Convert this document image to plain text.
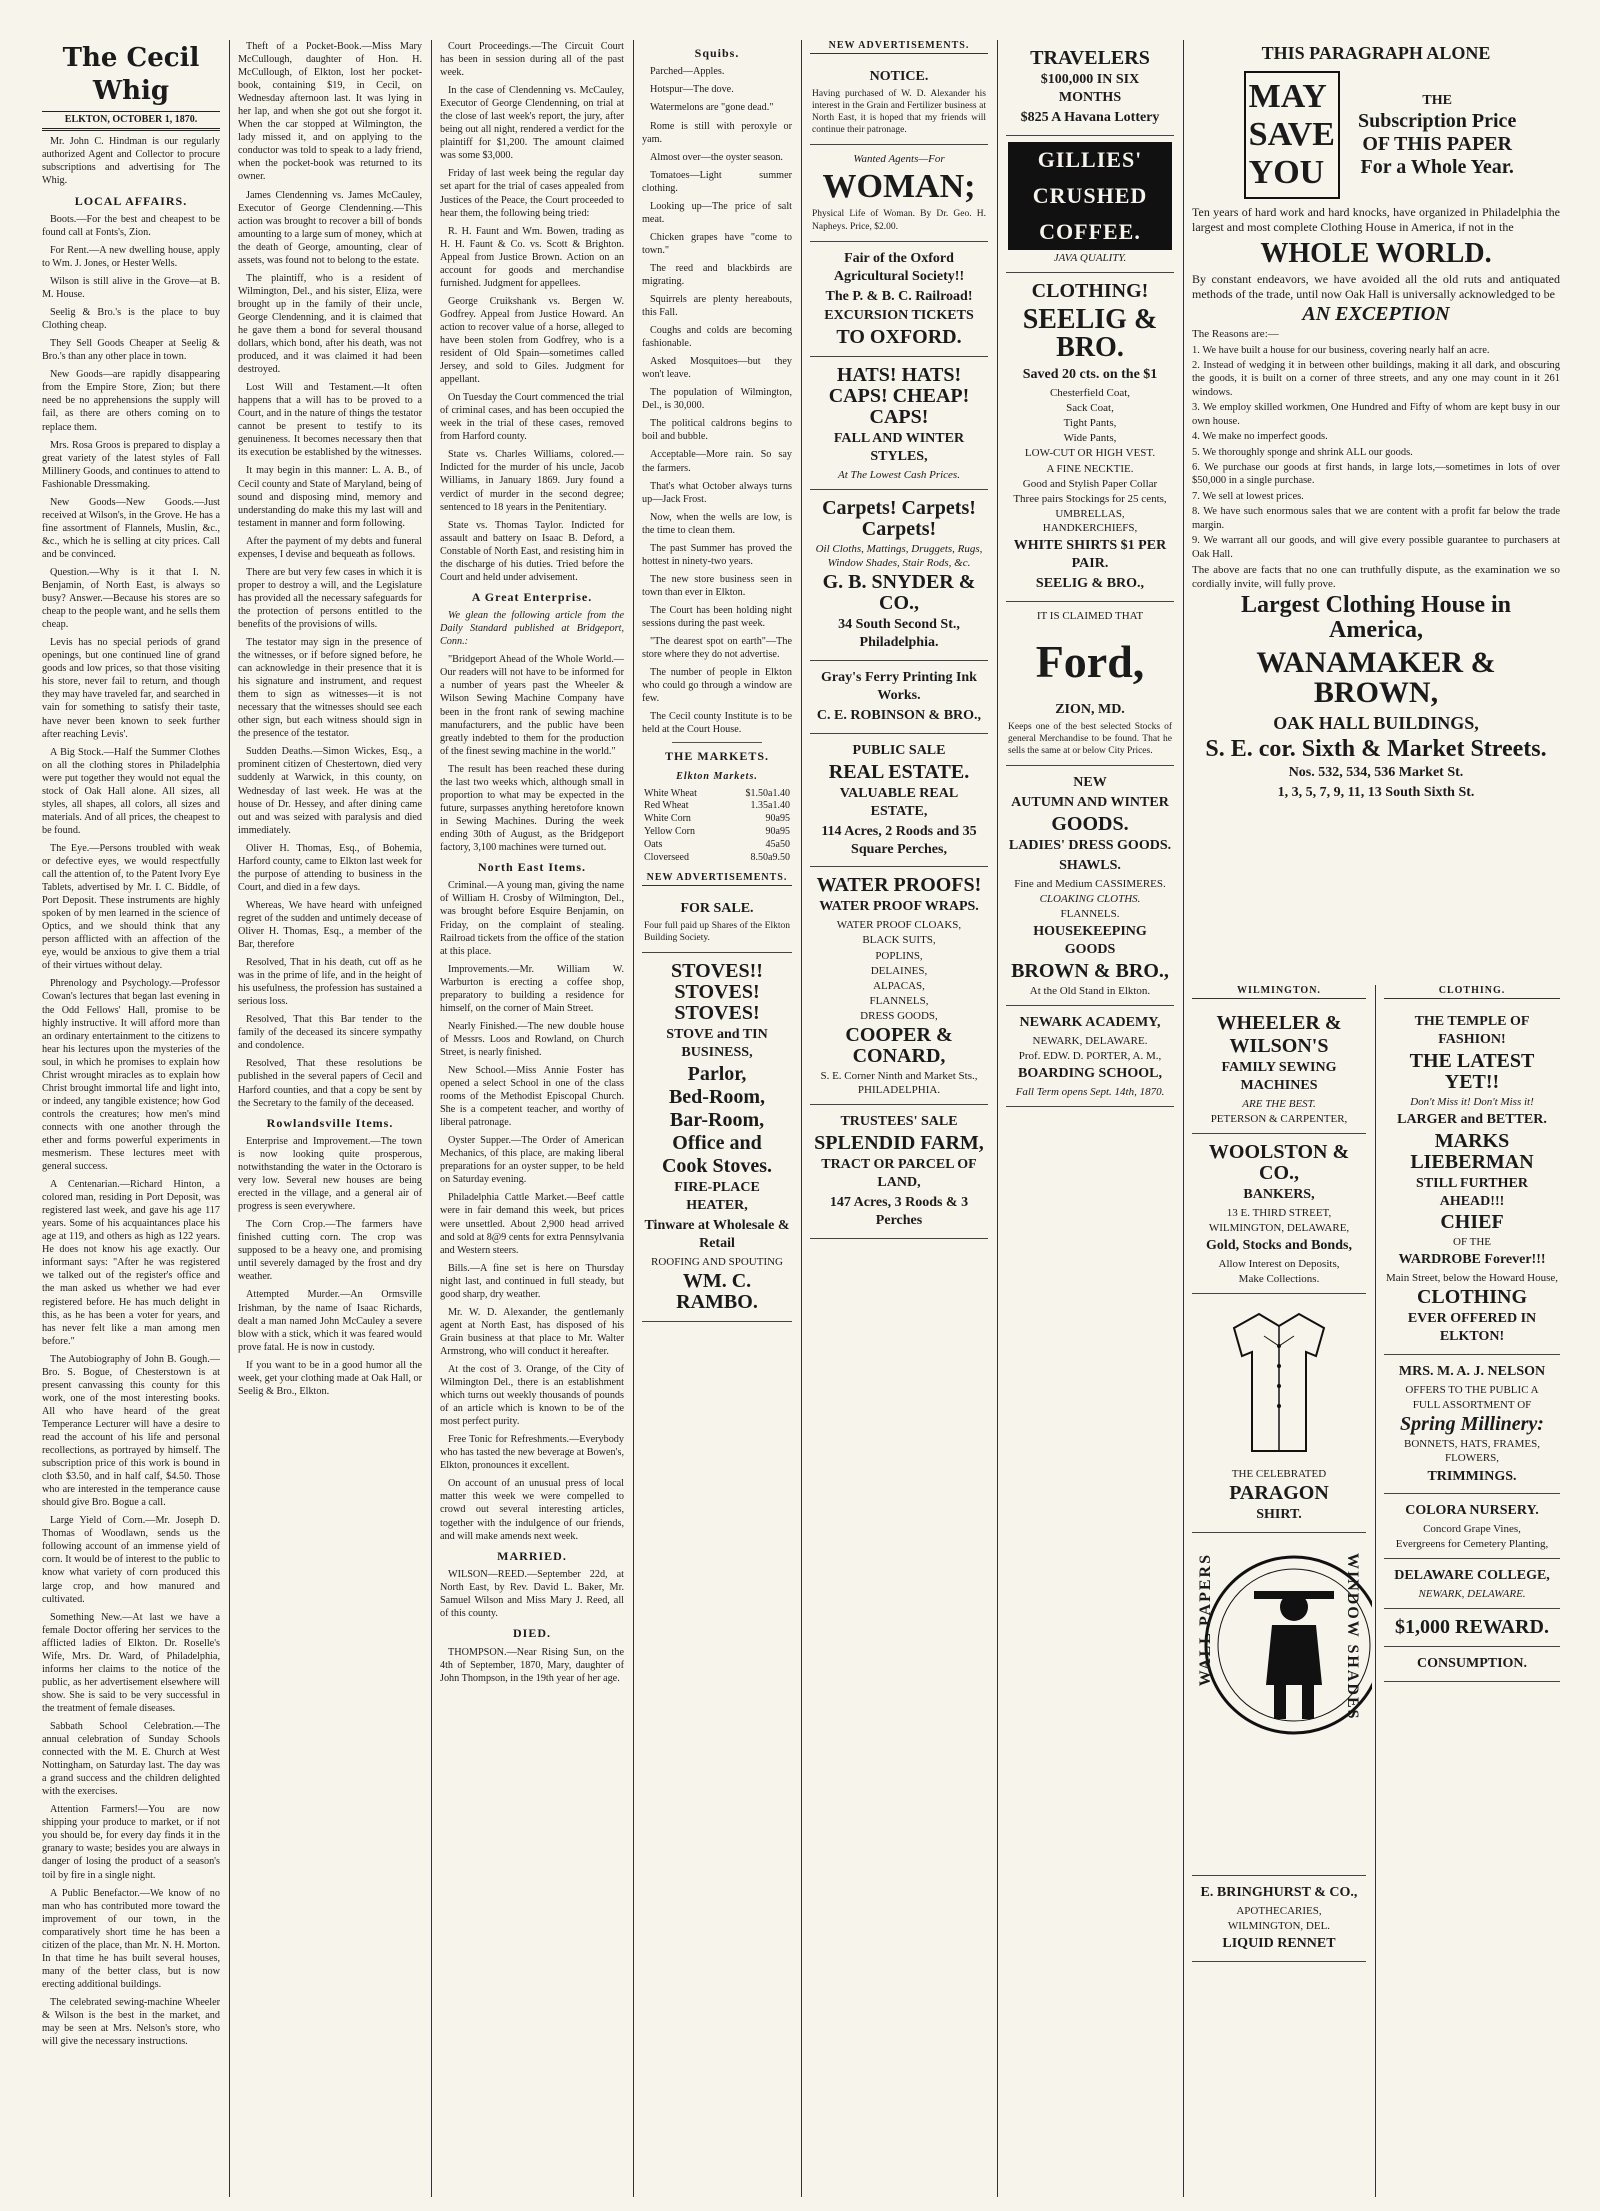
The Cecil Whig
ELKTON, OCTOBER 1, 1870.

Mr. John C. Hindman is our regularly authorized Agent and Collector to procure subscriptions and advertising for The Whig.

LOCAL AFFAIRS.

Boots.—For the best and cheapest to be found call at Fonts's, Zion.

For Rent.—A new dwelling house, apply to Wm. J. Jones, or Hester Wells.

Wilson is still alive in the Grove—at B. M. House.

Seelig & Bro.'s is the place to buy Clothing cheap.

They Sell Goods Cheaper at Seelig & Bro.'s than any other place in town.

New Goods—are rapidly disappearing from the Empire Store, Zion; but there need be no apprehensions the supply will fail, as there are others coming on to replace them.

Mrs. Rosa Groos is prepared to display a great variety of the latest styles of Fall Millinery Goods, and continues to attend to Fashionable Dressmaking.

New Goods—New Goods.—Just received at Wilson's, in the Grove. He has a fine assortment of Flannels, Muslin, &c., &c., which he is selling at city prices. Call and be convinced.

Question.—Why is it that I. N. Benjamin, of North East, is always so busy? Answer.—Because his stores are so cheap to the people want, and he sells them cheap.

Levis has no special periods of grand openings, but one continued line of grand goods and low prices, so that those visiting his store, never fail to return, and though they may have traveled far, and searched in vain for something to satisfy their taste, have never been known to seek further after reaching Levis'.

A Big Stock.—Half the Summer Clothes on all the clothing stores in Philadelphia were put together they would not equal the stock of Oak Hall alone. All sizes, all styles, all shapes, all colors, all sizes and materials. And of all prices, the cheapest to be found.

The Eye.—Persons troubled with weak or defective eyes, we would respectfully call the attention of, to the Patent Ivory Eye Tablets, advertised by Mr. I. C. Biddle, of Port Deposit. These instruments are highly spoken of by men learned in the science of Optics, and we should think that any person afflicted with an affection of the eye, would be anxious to give them a trial of their virtues without delay.

Phrenology and Psychology.—Professor Cowan's lectures that began last evening in the Odd Fellows' Hall, promise to be highly instructive. It will afford more than an ordinary entertainment to the citizens to hear his lectures upon the mysteries of the soul, in which he promises to explain how Christ wrought miracles as to explain how Christ brought immortal life and light into, or indeed, any tangible existence; how God controls the creatures; how men's mind connects with one another through the ether and forms powerful experiments in mesmerism. These lectures meet with general success.

A Centenarian.—Richard Hinton, a colored man, residing in Port Deposit, was registered last week, and gave his age 117 years. Some of his acquaintances place his age at 119, and others as high as 122 years. He does not know his age exactly. Our informant says: "After he was registered we talked out of the register's office and the man asked us whether we had ever registered before. He has much delight in this, as he has been a voter for years, and has never felt like a man among men before."

The Autobiography of John B. Gough.—Bro. S. Bogue, of Chesterstown is at present canvassing this county for this work, one of the most interesting books. All who have heard of the great Temperance Lecturer will have a desire to read the account of his life and personal recollections, as portrayed by himself. The subscription price of this work is bound in cloth $3.50, and in half calf, $4.50. Those who are interested in the temperance cause should give Bro. Bogue a call.

Large Yield of Corn.—Mr. Joseph D. Thomas of Woodlawn, sends us the following account of an immense yield of corn. It would be of interest to the public to know what variety of corn produced this large crop, and how manured and cultivated.

Something New.—At last we have a female Doctor offering her services to the afflicted ladies of Elkton. Dr. Roselle's Wife, Mrs. Dr. Ward, of Philadelphia, informs her claims to the notice of the public, as her advertisement elsewhere will show. She is said to be very successful in the treatment of female diseases.

Sabbath School Celebration.—The annual celebration of Sunday Schools connected with the M. E. Church at West Nottingham, on Saturday last. The day was a grand success and the children delighted with the exercises.

Attention Farmers!—You are now shipping your produce to market, or if not you should be, for every day finds it in the granary to waste; besides you are always in danger of losing the product of a season's toil by fire in a single night.

A Public Benefactor.—We know of no man who has contributed more toward the improvement of our town, in the comparatively short time he has been a citizen of the place, than Mr. N. H. Morton. In that time he has built several houses, many of the better class, but is now erecting additional buildings.

The celebrated sewing-machine Wheeler & Wilson is the best in the market, and may be seen at Mrs. Nelson's store, who will give the necessary instructions.

Theft of a Pocket-Book.—Miss Mary McCullough, daughter of Hon. H. McCullough, of Elkton, lost her pocket-book, containing $19, in Cecil, on Wednesday afternoon last. It was lying in her lap, and when she got out she forgot it. When the car stopped at Wilmington, the lady missed it, and on applying to the conductor was told to speak to a lady friend, when the pocket-book was returned to its owner.

James Clendenning vs. James McCauley, Executor of George Clendenning.—This action was brought to recover a bill of bonds amounting to a large sum of money, which at the death of George, amounting, clear of assets, was found not to belong to the estate.

The plaintiff, who is a resident of Wilmington, Del., and his sister, Eliza, were brought up in the family of their uncle, George Clendenning, and it is claimed that he gave them a bond for several thousand dollars, which bond, after his death, was not produced, and it was claimed it had been destroyed.

Lost Will and Testament.—It often happens that a will has to be proved to a Court, and in the nature of things the testator cannot be present to testify to its genuineness. It becomes necessary then that its execution be established by the witnesses.

It may begin in this manner: L. A. B., of Cecil county and State of Maryland, being of sound and disposing mind, memory and understanding do make this my last will and testament in manner and form following.

After the payment of my debts and funeral expenses, I devise and bequeath as follows.

There are but very few cases in which it is proper to destroy a will, and the Legislature has provided all the necessary safeguards for the protection of persons entitled to the benefits of the provisions of wills.

The testator may sign in the presence of the witnesses, or if before signed before, he can acknowledge in their presence that it is his signature and instrument, and request them to sign as witnesses—it is not necessary that the witnesses should see each other sign, but each witness should sign in the presence of the testator.

Sudden Deaths.—Simon Wickes, Esq., a prominent citizen of Chestertown, died very suddenly at Warwick, in this county, on Wednesday of last week. He was at the house of Dr. Hessey, and after dining came out and was seized with paralysis and died immediately.

Oliver H. Thomas, Esq., of Bohemia, Harford county, came to Elkton last week for the purpose of attending to business in the Court, and died in a few days.

Whereas, We have heard with unfeigned regret of the sudden and untimely decease of Oliver H. Thomas, Esq., a member of the Bar, therefore

Resolved, That in his death, cut off as he was in the prime of life, and in the height of his usefulness, the profession has sustained a serious loss.

Resolved, That this Bar tender to the family of the deceased its sincere sympathy and condolence.

Resolved, That these resolutions be published in the several papers of Cecil and Harford counties, and that a copy be sent by the Secretary to the family of the deceased.

Rowlandsville Items.

Enterprise and Improvement.—The town is now looking quite prosperous, notwithstanding the water in the Octoraro is very low. Several new houses are being erected in the village, and a general air of progress is seen everywhere.

The Corn Crop.—The farmers have finished cutting corn. The crop was supposed to be a heavy one, and promising until severely damaged by the frost and dry weather.

Attempted Murder.—An Ormsville Irishman, by the name of Isaac Richards, dealt a man named John McCauley a severe blow with a stick, which it was feared would prove fatal. He is now in custody.

If you want to be in a good humor all the week, get your clothing made at Oak Hall, or Seelig & Bro., Elkton.

Court Proceedings.—The Circuit Court has been in session during all of the past week.

In the case of Clendenning vs. McCauley, Executor of George Clendenning, on trial at the close of last week's report, the jury, after being out all night, rendered a verdict for the plaintiff for $1,200. The amount claimed was some $3,000.

Friday of last week being the regular day set apart for the trial of cases appealed from Justices of the Peace, the Court proceeded to hear them, the following being tried:

R. H. Faunt and Wm. Bowen, trading as H. H. Faunt & Co. vs. Scott & Brighton. Appeal from Justice Brown. Action on an account for goods and merchandise furnished. Judgment for appellees.

George Cruikshank vs. Bergen W. Godfrey. Appeal from Justice Howard. An action to recover value of a horse, alleged to have been stolen from Godfrey, who is a resident of Old Spain—sometimes called Jersey, and sold to Giles. Judgment for appellant.

On Tuesday the Court commenced the trial of criminal cases, and has been occupied the week in the trial of these cases, removed from Harford county.

State vs. Charles Williams, colored.—Indicted for the murder of his uncle, Jacob Williams, in January 1869. Jury found a verdict of murder in the second degree; sentenced to 18 years in the Penitentiary.

State vs. Thomas Taylor. Indicted for assault and battery on Isaac B. Deford, a Constable of North East, and resisting him in the discharge of his duties. Tried before the Court and held under advisement.

A Great Enterprise.

We glean the following article from the Daily Standard published at Bridgeport, Conn.:

"Bridgeport Ahead of the Whole World.—Our readers will not have to be informed for a number of years past the Wheeler & Wilson Sewing Machine Company have been in the front rank of sewing machine manufacturers, and the public have been greatly indebted to them for the production of the finest sewing machine in the world."

The result has been reached these during the last two weeks which, although small in proportion to what may be expected in the future, surpasses anything heretofore known in Sewing Machines. During the week ending 30th of August, as the Bridgeport factory, 3,100 machines were turned out.

North East Items.

Criminal.—A young man, giving the name of William H. Crosby of Wilmington, Del., was brought before Esquire Benjamin, on Friday, on the complaint of stealing. Railroad tickets from the office of the station at this place.

Improvements.—Mr. William W. Warburton is erecting a coffee shop, preparatory to building a residence for himself, on the corner of Main Street.

Nearly Finished.—The new double house of Messrs. Loos and Rowland, on Church Street, is nearly finished.

New School.—Miss Annie Foster has opened a select School in one of the class rooms of the Methodist Episcopal Church. She is a competent teacher, and worthy of liberal patronage.

Oyster Supper.—The Order of American Mechanics, of this place, are making liberal preparations for an oyster supper, to be held on Saturday evening.

Philadelphia Cattle Market.—Beef cattle were in fair demand this week, but prices were unsettled. About 2,900 head arrived and sold at 8@9 cents for extra Pennsylvania and Western steers.

Bills.—A fine set is here on Thursday night last, and continued in full steady, but good sharp, dry weather.

Mr. W. D. Alexander, the gentlemanly agent at North East, has disposed of his Grain business at that place to Mr. Walter Armstrong, who will conduct it hereafter.

At the cost of 3. Orange, of the City of Wilmington Del., there is an establishment which turns out weekly thousands of pounds of an article which is known to be of the most perfect purity.

Free Tonic for Refreshments.—Everybody who has tasted the new beverage at Bowen's, Elkton, pronounces it excellent.

On account of an unusual press of local matter this week we were compelled to crowd out several interesting articles, together with the indulgence of our friends, and will make amends next week.

MARRIED.

WILSON—REED.—September 22d, at North East, by Rev. David L. Baker, Mr. Samuel Wilson and Miss Mary J. Reed, all of this county.

DIED.

THOMPSON.—Near Rising Sun, on the 4th of September, 1870, Mary, daughter of John Thompson, in the 19th year of her age.

Squibs.

Parched—Apples.

Hotspur—The dove.

Watermelons are "gone dead."

Rome is still with peroxyle or yam.

Almost over—the oyster season.

Tomatoes—Light summer clothing.

Looking up—The price of salt meat.

Chicken grapes have "come to town."

The reed and blackbirds are migrating.

Squirrels are plenty hereabouts, this Fall.

Coughs and colds are becoming fashionable.

Asked Mosquitoes—but they won't leave.

The population of Wilmington, Del., is 30,000.

The political caldrons begins to boil and bubble.

Acceptable—More rain. So say the farmers.

That's what October always turns up—Jack Frost.

Now, when the wells are low, is the time to clean them.

The past Summer has proved the hottest in ninety-two years.

The new store business seen in town than ever in Elkton.

The Court has been holding night sessions during the past week.

"The dearest spot on earth"—The store where they do not advertise.

The number of people in Elkton who could go through a window are few.

The Cecil county Institute is to be held at the Court House.

THE MARKETS.
Elkton Markets.
White Wheat	$1.50a1.40
Red Wheat	1.35a1.40
White Corn	90a95
Yellow Corn	90a95
Oats	45a50
Cloverseed	8.50a9.50
NEW ADVERTISEMENTS.
FOR SALE.
Four full paid up Shares of the Elkton Building Society.
STOVES!! STOVES! STOVES!
STOVE and TIN BUSINESS,
Parlor,
Bed-Room,
Bar-Room,
Office and
Cook Stoves.
FIRE-PLACE HEATER,
Tinware at Wholesale & Retail
ROOFING AND SPOUTING
WM. C. RAMBO.
NEW ADVERTISEMENTS.
NOTICE.
Having purchased of W. D. Alexander his interest in the Grain and Fertilizer business at North East, it is hoped that my friends will continue their patronage.
Wanted Agents—For
WOMAN;
Physical Life of Woman. By Dr. Geo. H. Napheys. Price, $2.00.
Fair of the Oxford Agricultural Society!!
The P. & B. C. Railroad!
EXCURSION TICKETS
TO OXFORD.
HATS! HATS! CAPS! CHEAP! CAPS!
FALL AND WINTER STYLES,
At The Lowest Cash Prices.
Carpets! Carpets! Carpets!
Oil Cloths, Mattings, Druggets, Rugs, Window Shades, Stair Rods, &c.
G. B. SNYDER & CO.,
34 South Second St., Philadelphia.
Gray's Ferry Printing Ink Works.
C. E. ROBINSON & BRO.,
PUBLIC SALE
REAL ESTATE.
VALUABLE REAL ESTATE,
114 Acres, 2 Roods and 35 Square Perches,
WATER PROOFS!
WATER PROOF WRAPS.
WATER PROOF CLOAKS,
BLACK SUITS,
POPLINS,
DELAINES,
ALPACAS,
FLANNELS,
DRESS GOODS,
COOPER & CONARD,
S. E. Corner Ninth and Market Sts., PHILADELPHIA.
TRUSTEES' SALE
SPLENDID FARM,
TRACT OR PARCEL OF LAND,
147 Acres, 3 Roods & 3 Perches
TRAVELERS
$100,000 IN SIX MONTHS
$825 A Havana Lottery
GILLIES'
CRUSHED
COFFEE.
JAVA QUALITY.
CLOTHING!
SEELIG & BRO.
Saved 20 cts. on the $1
Chesterfield Coat,
Sack Coat,
Tight Pants,
Wide Pants,
LOW-CUT OR HIGH VEST.
A FINE NECKTIE.
Good and Stylish Paper Collar
Three pairs Stockings for 25 cents,
UMBRELLAS, HANDKERCHIEFS,
WHITE SHIRTS $1 PER PAIR.
SEELIG & BRO.,
IT IS CLAIMED THAT
Ford,
ZION, MD.
Keeps one of the best selected Stocks of general Merchandise to be found. That he sells the same at or below City Prices.
NEW
AUTUMN AND WINTER
GOODS.
LADIES' DRESS GOODS.
SHAWLS.
Fine and Medium CASSIMERES.
CLOAKING CLOTHS.
FLANNELS.
HOUSEKEEPING GOODS
BROWN & BRO.,
At the Old Stand in Elkton.
NEWARK ACADEMY,
NEWARK, DELAWARE.
Prof. EDW. D. PORTER, A. M.,
BOARDING SCHOOL,
Fall Term opens Sept. 14th, 1870.
THIS PARAGRAPH ALONE
MAY
SAVE
YOU
THE
Subscription Price
OF THIS PAPER
For a Whole Year.

Ten years of hard work and hard knocks, have organized in Philadelphia the largest and most complete Clothing House in America, if not in the

WHOLE WORLD.

By constant endeavors, we have avoided all the old ruts and antiquated methods of the trade, until now Oak Hall is universally acknowledged to be

AN EXCEPTION
The Reasons are:—
1. We have built a house for our business, covering nearly half an acre.
2. Instead of wedging it in between other buildings, making it all dark, and obscuring the goods, it is built on a corner of three streets, and any one may count in it 261 windows.
3. We employ skilled workmen, One Hundred and Fifty of whom are kept busy in our own house.
4. We make no imperfect goods.
5. We thoroughly sponge and shrink ALL our goods.
6. We purchase our goods at first hands, in large lots,—sometimes in lots of over $50,000 in a single purchase.
7. We sell at lowest prices.
8. We have such enormous sales that we are content with a profit far below the trade margin.
9. We warrant all our goods, and will give every possible guarantee to purchasers at Oak Hall.

The above are facts that no one can truthfully dispute, as the examination we so cordially invite, will fully prove.

Largest Clothing House in America,
WANAMAKER & BROWN,
OAK HALL BUILDINGS,
S. E. cor. Sixth & Market Streets.
Nos. 532, 534, 536 Market St.
1, 3, 5, 7, 9, 11, 13 South Sixth St.
WILMINGTON.
WHEELER &
WILSON'S
FAMILY SEWING MACHINES
ARE THE BEST.
PETERSON & CARPENTER,
WOOLSTON & CO.,
BANKERS,
13 E. THIRD STREET,
WILMINGTON, DELAWARE,
Gold, Stocks and Bonds,
Allow Interest on Deposits,
Make Collections.
THE CELEBRATED
PARAGON
SHIRT.
WALL PAPERS	WINDOW SHADES
E. BRINGHURST & CO.,
APOTHECARIES,
WILMINGTON, DEL.
LIQUID RENNET
CLOTHING.
THE TEMPLE OF FASHION!
THE LATEST YET!!
Don't Miss it! Don't Miss it!
LARGER and BETTER.
MARKS LIEBERMAN
STILL FURTHER AHEAD!!!
CHIEF
OF THE
WARDROBE Forever!!!
Main Street, below the Howard House,
CLOTHING
EVER OFFERED IN ELKTON!
MRS. M. A. J. NELSON
OFFERS TO THE PUBLIC A
FULL ASSORTMENT OF
Spring Millinery:
BONNETS, HATS, FRAMES, FLOWERS,
TRIMMINGS.
COLORA NURSERY.
Concord Grape Vines,
Evergreens for Cemetery Planting,
DELAWARE COLLEGE,
NEWARK, DELAWARE.
$1,000 REWARD.
CONSUMPTION.
